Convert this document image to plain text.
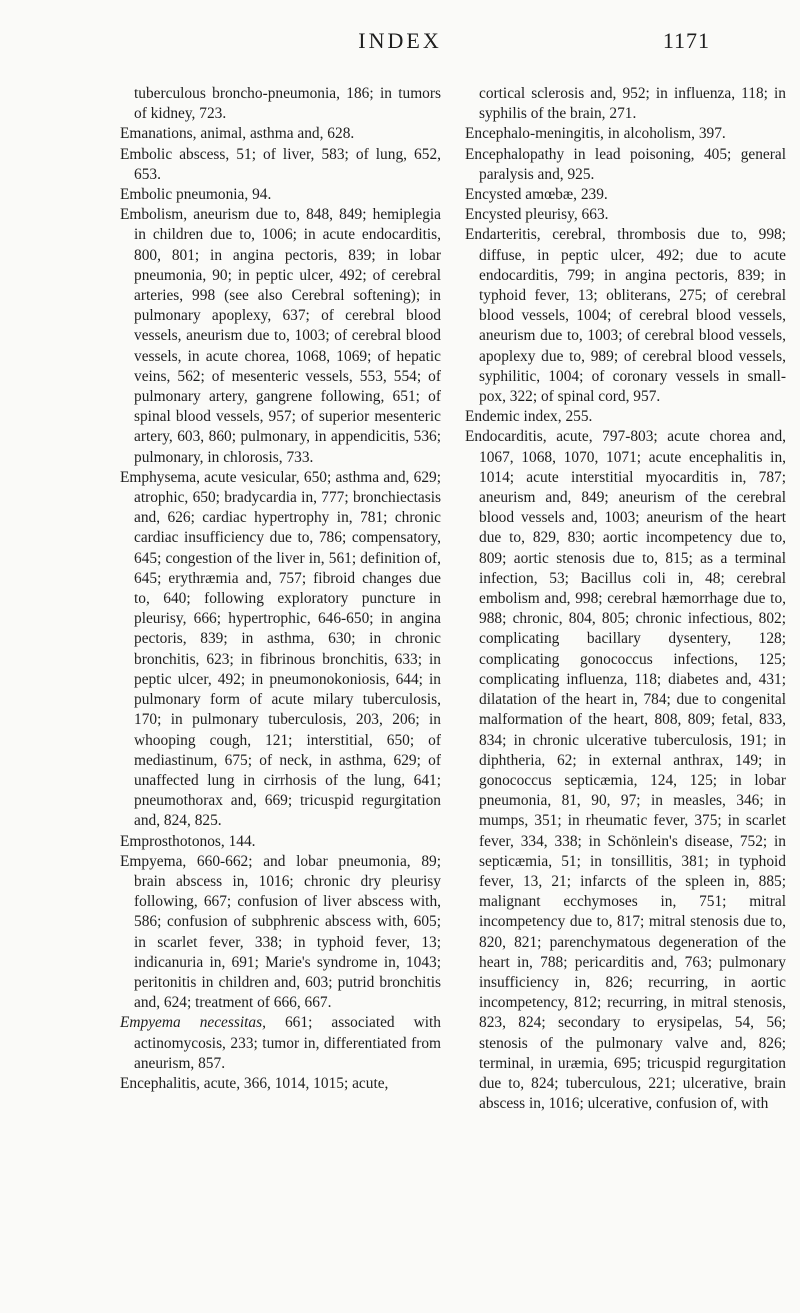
INDEX	1171

tuberculous broncho-pneumonia, 186; in tumors of kidney, 723.

Emanations, animal, asthma and, 628.

Embolic abscess, 51; of liver, 583; of lung, 652, 653.

Embolic pneumonia, 94.

Embolism, aneurism due to, 848, 849; hemiplegia in children due to, 1006; in acute endocarditis, 800, 801; in angina pectoris, 839; in lobar pneumonia, 90; in peptic ulcer, 492; of cerebral arteries, 998 (see also Cerebral softening); in pulmonary apoplexy, 637; of cerebral blood vessels, aneurism due to, 1003; of cerebral blood vessels, in acute chorea, 1068, 1069; of hepatic veins, 562; of mesenteric vessels, 553, 554; of pulmonary artery, gangrene following, 651; of spinal blood vessels, 957; of superior mesenteric artery, 603, 860; pulmonary, in appendicitis, 536; pulmonary, in chlorosis, 733.

Emphysema, acute vesicular, 650; asthma and, 629; atrophic, 650; bradycardia in, 777; bronchiectasis and, 626; cardiac hypertrophy in, 781; chronic cardiac insufficiency due to, 786; compensatory, 645; congestion of the liver in, 561; definition of, 645; erythræmia and, 757; fibroid changes due to, 640; following exploratory puncture in pleurisy, 666; hypertrophic, 646-650; in angina pectoris, 839; in asthma, 630; in chronic bronchitis, 623; in fibrinous bronchitis, 633; in peptic ulcer, 492; in pneumonokoniosis, 644; in pulmonary form of acute milary tuberculosis, 170; in pulmonary tuberculosis, 203, 206; in whooping cough, 121; interstitial, 650; of mediastinum, 675; of neck, in asthma, 629; of unaffected lung in cirrhosis of the lung, 641; pneumothorax and, 669; tricuspid regurgitation and, 824, 825.

Emprosthotonos, 144.

Empyema, 660-662; and lobar pneumonia, 89; brain abscess in, 1016; chronic dry pleurisy following, 667; confusion of liver abscess with, 586; confusion of subphrenic abscess with, 605; in scarlet fever, 338; in typhoid fever, 13; indicanuria in, 691; Marie's syndrome in, 1043; peritonitis in children and, 603; putrid bronchitis and, 624; treatment of 666, 667.

Empyema necessitas, 661; associated with actinomycosis, 233; tumor in, differentiated from aneurism, 857.

Encephalitis, acute, 366, 1014, 1015; acute,

cortical sclerosis and, 952; in influenza, 118; in syphilis of the brain, 271.

Encephalo-meningitis, in alcoholism, 397.

Encephalopathy in lead poisoning, 405; general paralysis and, 925.

Encysted amœbæ, 239.

Encysted pleurisy, 663.

Endarteritis, cerebral, thrombosis due to, 998; diffuse, in peptic ulcer, 492; due to acute endocarditis, 799; in angina pectoris, 839; in typhoid fever, 13; obliterans, 275; of cerebral blood vessels, 1004; of cerebral blood vessels, aneurism due to, 1003; of cerebral blood vessels, apoplexy due to, 989; of cerebral blood vessels, syphilitic, 1004; of coronary vessels in small-pox, 322; of spinal cord, 957.

Endemic index, 255.

Endocarditis, acute, 797-803; acute chorea and, 1067, 1068, 1070, 1071; acute encephalitis in, 1014; acute interstitial myocarditis in, 787; aneurism and, 849; aneurism of the cerebral blood vessels and, 1003; aneurism of the heart due to, 829, 830; aortic incompetency due to, 809; aortic stenosis due to, 815; as a terminal infection, 53; Bacillus coli in, 48; cerebral embolism and, 998; cerebral hæmorrhage due to, 988; chronic, 804, 805; chronic infectious, 802; complicating bacillary dysentery, 128; complicating gonococcus infections, 125; complicating influenza, 118; diabetes and, 431; dilatation of the heart in, 784; due to congenital malformation of the heart, 808, 809; fetal, 833, 834; in chronic ulcerative tuberculosis, 191; in diphtheria, 62; in external anthrax, 149; in gonococcus septicæmia, 124, 125; in lobar pneumonia, 81, 90, 97; in measles, 346; in mumps, 351; in rheumatic fever, 375; in scarlet fever, 334, 338; in Schönlein's disease, 752; in septicæmia, 51; in tonsillitis, 381; in typhoid fever, 13, 21; infarcts of the spleen in, 885; malignant ecchymoses in, 751; mitral incompetency due to, 817; mitral stenosis due to, 820, 821; parenchymatous degeneration of the heart in, 788; pericarditis and, 763; pulmonary insufficiency in, 826; recurring, in aortic incompetency, 812; recurring, in mitral stenosis, 823, 824; secondary to erysipelas, 54, 56; stenosis of the pulmonary valve and, 826; terminal, in uræmia, 695; tricuspid regurgitation due to, 824; tuberculous, 221; ulcerative, brain abscess in, 1016; ulcerative, confusion of, with
